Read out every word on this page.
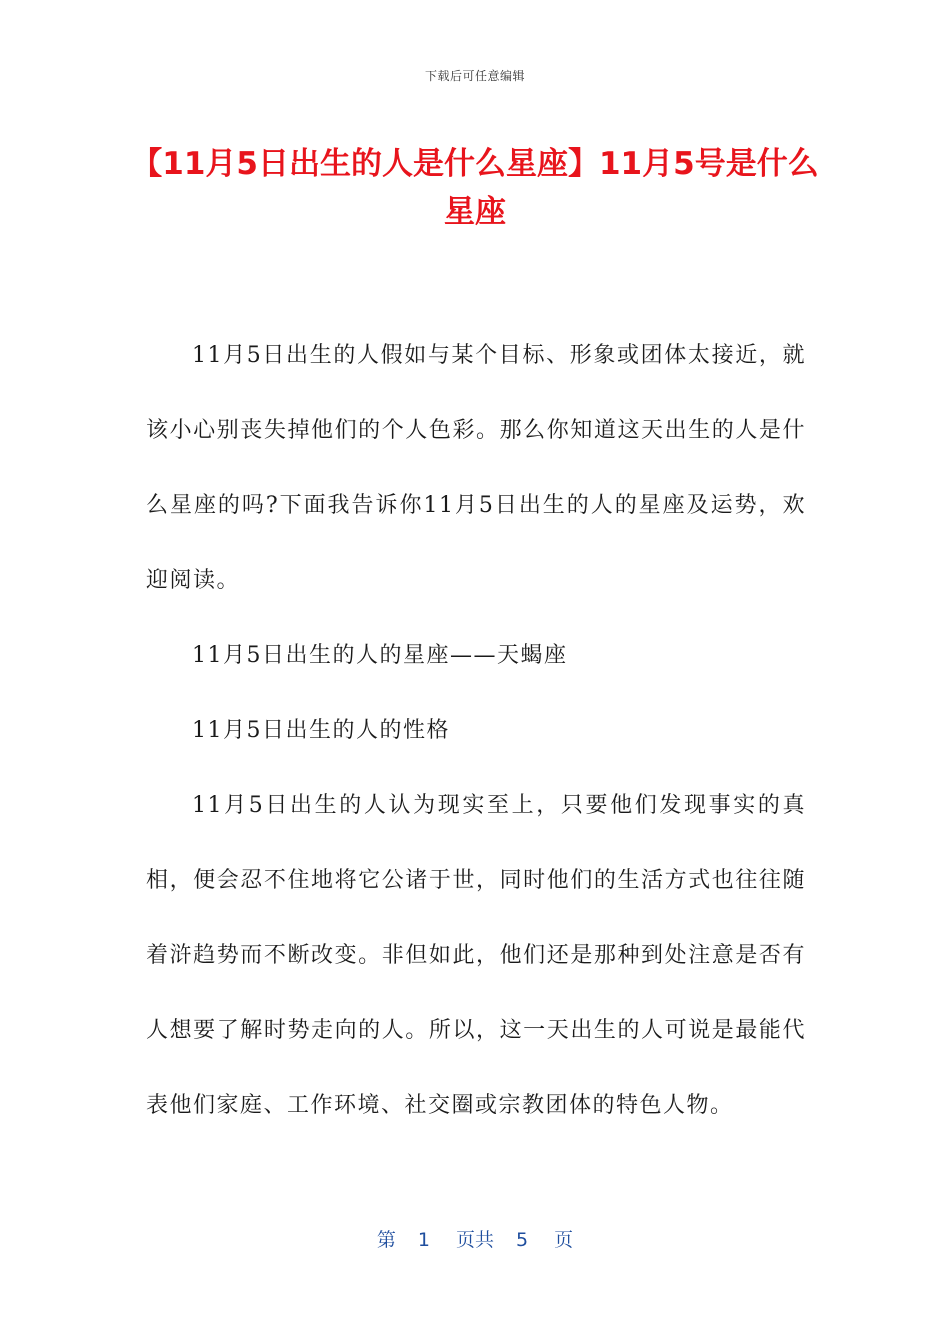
下载后可任意编辑
【11月5日出生的人是什么星座】11月5号是什么星座

11月5日出生的人假如与某个目标、形象或团体太接近，就该小心别丧失掉他们的个人色彩。那么你知道这天出生的人是什么星座的吗?下面我告诉你11月5日出生的人的星座及运势，欢迎阅读。

11月5日出生的人的星座——天蝎座

11月5日出生的人的性格

11月5日出生的人认为现实至上，只要他们发现事实的真相，便会忍不住地将它公诸于世，同时他们的生活方式也往往随着浒趋势而不断改变。非但如此，他们还是那种到处注意是否有人想要了解时势走向的人。所以，这一天出生的人可说是最能代表他们家庭、工作环境、社交圈或宗教团体的特色人物。

第 1 页共 5 页
